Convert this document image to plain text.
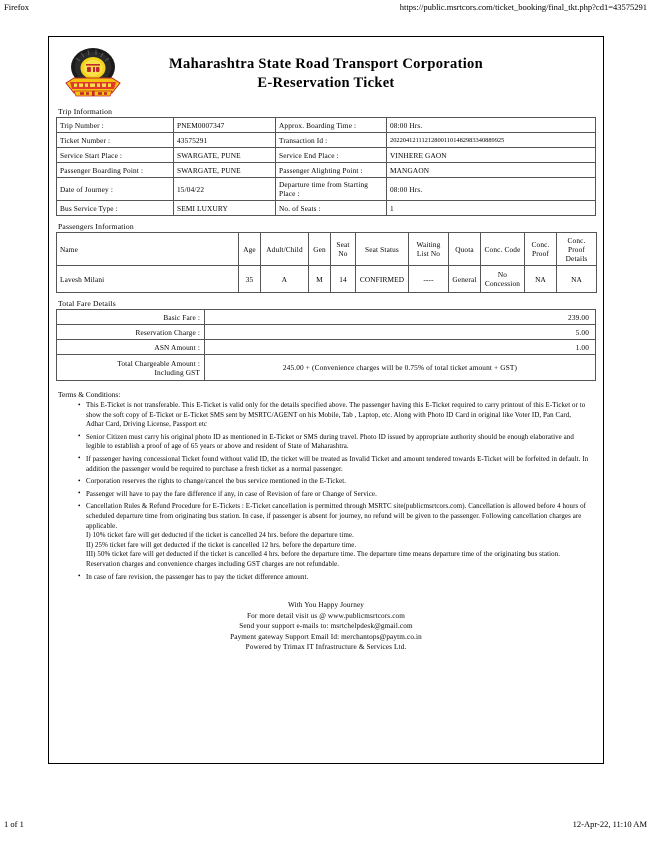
Firefox	https://public.msrtcors.com/ticket_booking/final_tkt.php?cd1=43575291
Maharashtra State Road Transport Corporation
E-Reservation Ticket
Trip Information
Trip Number :	PNEM0007347	Approx. Boarding Time :	08:00 Hrs.
Ticket Number :	43575291	Transaction Id :	202204121112128001101482983340889925
Service Start Place :	SWARGATE, PUNE	Service End Place :	VINHERE GAON
Passenger Boarding Point :	SWARGATE, PUNE	Passenger Alighting Point :	MANGAON
Date of Journey :	15/04/22	Departure time from Starting Place :	08:00 Hrs.
Bus Service Type :	SEMI LUXURY	No. of Seats :	1
Passengers Information
Name	Age	Adult/Child	Gen	Seat No	Seat Status	Waiting List No	Quota	Conc. Code	Conc. Proof	Conc. Proof Details
Lavesh Milani	35	A	M	14	CONFIRMED	----	General	No Concession	NA	NA
Total Fare Details
Basic Fare :	239.00
Reservation Charge :	5.00
ASN Amount :	1.00
Total Chargeable Amount :
Including GST	245.00 + (Convenience charges will be 0.75% of total ticket amount + GST)
Terms & Conditions:
• This E-Ticket is not transferable. This E-Ticket is valid only for the details specified above. The passenger having this E-Ticket required to carry printout of this E-Ticket or to show the soft copy of E-Ticket or E-Ticket SMS sent by MSRTC/AGENT on his Mobile, Tab , Laptop, etc. Along with Photo ID Card in original like Voter ID, Pan Card, Adhar Card, Driving License, Passport etc
• Senior Citizen must carry his original photo ID as mentioned in E-Ticket or SMS during travel. Photo ID issued by appropriate authority should be enough elaborative and legible to establish a proof of age of 65 years or above and resident of State of Maharashtra.
• If passenger having concessional Ticket found without valid ID, the ticket will be treated as Invalid Ticket and amount tendered towards E-Ticket will be forfeited in default. In addition the passenger would be required to purchase a fresh ticket as a normal passenger.
• Corporation reserves the rights to change/cancel the bus service mentioned in the E-Ticket.
• Passenger will have to pay the fare difference if any, in case of Revision of fare or Change of Service.
• Cancellation Rules & Refund Procedure for E-Tickets : E-Ticket cancellation is permitted through MSRTC site(publicmsrtcors.com). Cancellation is allowed before 4 hours of scheduled departure time from originating bus station. In case, if passenger is absent for journey, no refund will be given to the passenger. Following cancellation charges are applicable.
I) 10% ticket fare will get deducted if the ticket is cancelled 24 hrs. before the departure time.
II) 25% ticket fare will get deducted if the ticket is cancelled 12 hrs. before the departure time.
III) 50% ticket fare will get deducted if the ticket is cancelled 4 hrs. before the departure time. The departure time means departure time of the originating bus station. Reservation charges and convenience charges including GST charges are not refundable.
• In case of fare revision, the passenger has to pay the ticket difference amount.
With You Happy Journey
For more detail visit us @ www.publicmsrtcors.com
Send your support e-mails to: msrtchelpdesk@gmail.com
Payment gateway Support Email Id: merchantops@paytm.co.in
Powered by Trimax IT Infrastructure & Services Ltd.
1 of 1	12-Apr-22, 11:10 AM
